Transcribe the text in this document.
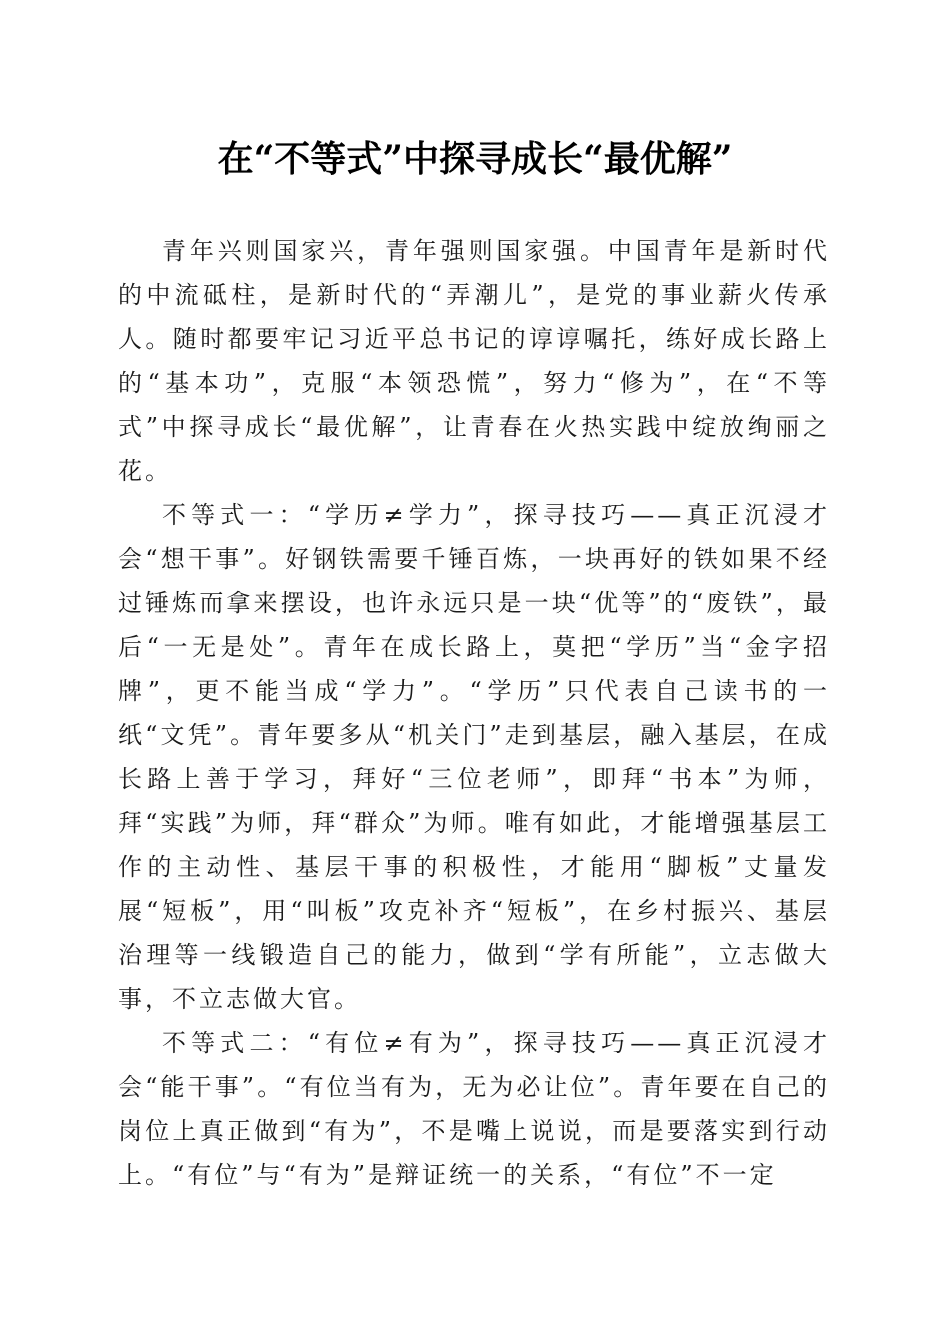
在“不等式”中探寻成长“最优解”

青年兴则国家兴，青年强则国家强。中国青年是新时代的中流砥柱，是新时代的“弄潮儿”，是党的事业薪火传承人。随时都要牢记习近平总书记的谆谆嘱托，练好成长路上的“基本功”，克服“本领恐慌”，努力“修为”，在“不等式”中探寻成长“最优解”，让青春在火热实践中绽放绚丽之花。

不等式一：“学历≠学力”，探寻技巧——真正沉浸才会“想干事”。好钢铁需要千锤百炼，一块再好的铁如果不经过锤炼而拿来摆设，也许永远只是一块“优等”的“废铁”，最后“一无是处”。青年在成长路上，莫把“学历”当“金字招牌”，更不能当成“学力”。“学历”只代表自己读书的一纸“文凭”。青年要多从“机关门”走到基层，融入基层，在成长路上善于学习，拜好“三位老师”，即拜“书本”为师，拜“实践”为师，拜“群众”为师。唯有如此，才能增强基层工作的主动性、基层干事的积极性，才能用“脚板”丈量发展“短板”，用“叫板”攻克补齐“短板”，在乡村振兴、基层治理等一线锻造自己的能力，做到“学有所能”，立志做大事，不立志做大官。

不等式二：“有位≠有为”，探寻技巧——真正沉浸才会“能干事”。“有位当有为，无为必让位”。青年要在自己的岗位上真正做到“有为”，不是嘴上说说，而是要落实到行动上。“有位”与“有为”是辩证统一的关系，“有位”不一定
